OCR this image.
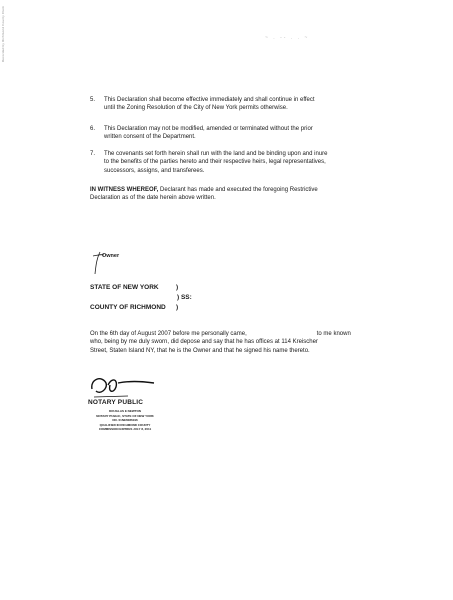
Recorded by Richmond County Clerk	~ . -- . . ~
5. This Declaration shall become effective immediately and shall continue in effect
until the Zoning Resolution of the City of New York permits otherwise.
6. This Declaration may not be modified, amended or terminated without the prior
written consent of the Department.
7. The covenants set forth herein shall run with the land and be binding upon and inure
to the benefits of the parties hereto and their respective heirs, legal representatives,
successors, assigns, and transferees.
IN WITNESS WHEREOF, Declarant has made and executed the foregoing Restrictive
Declaration as of the date herein above written.
Owner
STATE OF NEW YORK	)
) SS:
COUNTY OF RICHMOND )
On the 6th day of August 2007 before me personally came,	to me known
who, being by me duly sworn, did depose and say that he has offices at 114 Kreischer
Street, Staten Island NY, that he is the Owner and that he signed his name thereto.
NOTARY PUBLIC
DOUGLAS E NEWTON
NOTARY PUBLIC, STATE OF NEW YORK
NO. 01NE6086196
QUALIFIED IN RICHMOND COUNTY
COMMISSION EXPIRES JULY 8, 2011
